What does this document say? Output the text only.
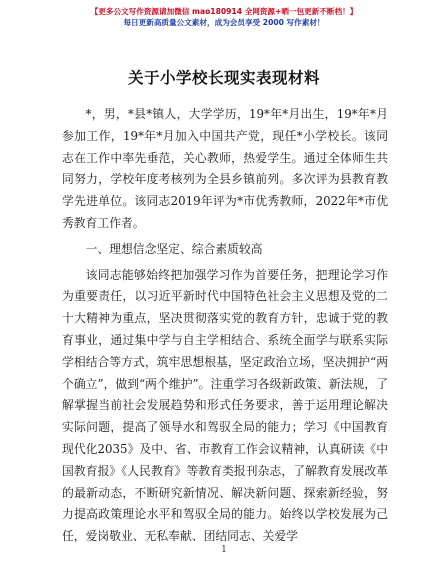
【更多公文写作资源请加微信 mao180914 全网资源+晒一包更新不断档！】
每日更新高质量公文素材，成为会员享受 2000 写作素材！
关于小学校长现实表现材料

*，男，*县*镇人，大学学历，19*年*月出生，19*年*月参加工作，19*年*月加入中国共产党，现任*小学校长。该同志在工作中率先垂范，关心教师，热爱学生。通过全体师生共同努力，学校年度考核列为全县乡镇前列。多次评为县教育教学先进单位。该同志2019年评为*市优秀教师，2022年*市优秀教育工作者。

一、理想信念坚定、综合素质较高

该同志能够始终把加强学习作为首要任务，把理论学习作为重要责任，以习近平新时代中国特色社会主义思想及党的二十大精神为重点，坚决贯彻落实党的教育方针，忠诚于党的教育事业，通过集中学与自主学相结合、系统全面学与联系实际学相结合等方式，筑牢思想根基，坚定政治立场，坚决拥护“两个确立”，做到“两个维护”。注重学习各级新政策、新法规，了解掌握当前社会发展趋势和形式任务要求，善于运用理论解决实际问题，提高了领导水和驾驭全局的能力；学习《中国教育现代化2035》及中、省、市教育工作会议精神，认真研读《中国教育报》《人民教育》等教育类报刊杂志，了解教育发展改革的最新动态，不断研究新情况、解决新问题、探索新经验，努力提高政策理论水平和驾驭全局的能力。始终以学校发展为己任，爱岗敬业、无私奉献、团结同志、关爱学

1
